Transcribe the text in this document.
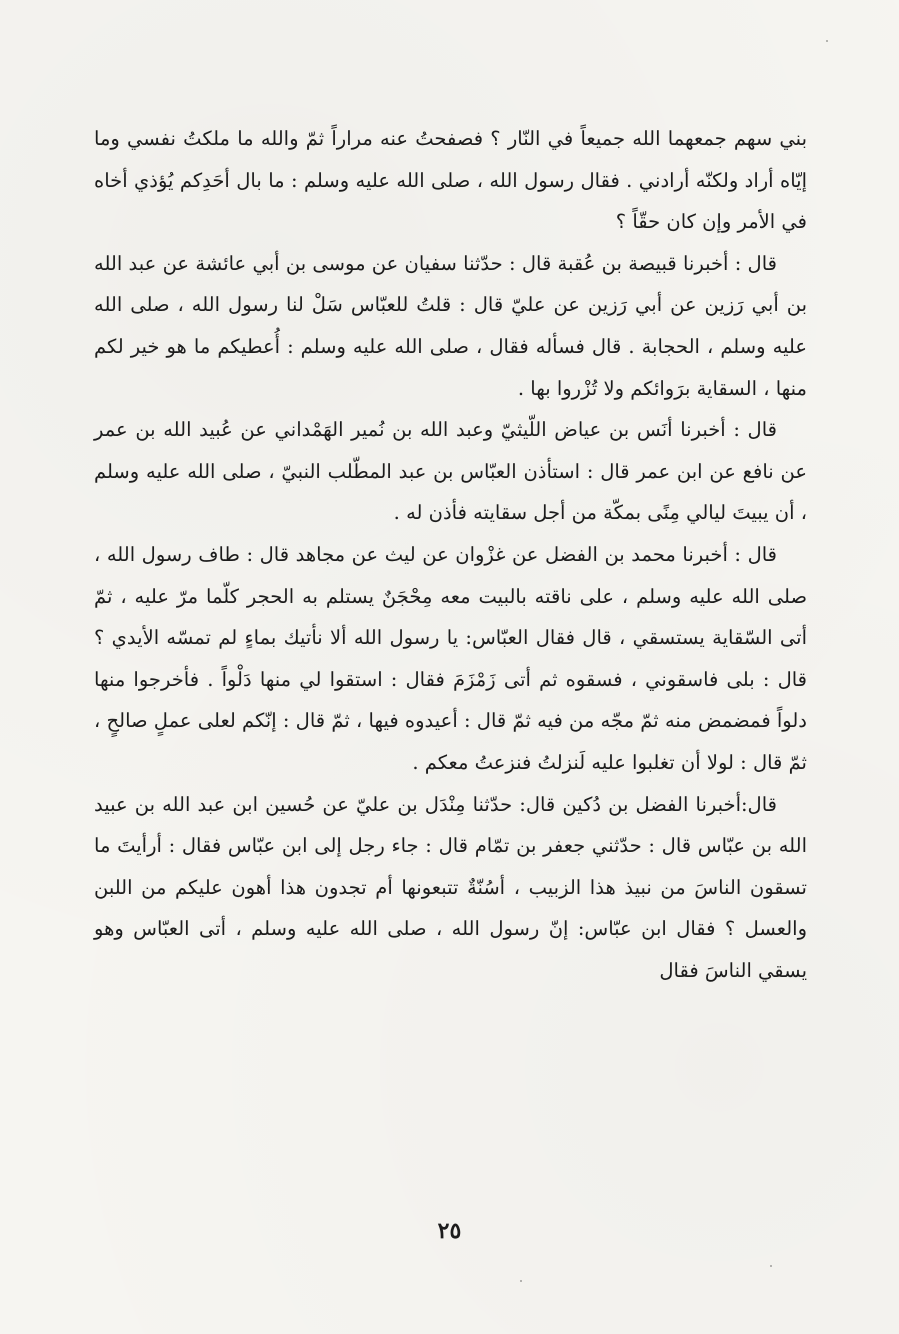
بني سهم جمعهما الله جميعاً في النّار ؟ فصفحتُ عنه مراراً ثمّ والله ما ملكتُ نفسي وما إيّاه أراد ولكنّه أرادني . فقال رسول الله ، صلى الله عليه وسلم : ما بال أحَدِكم يُؤذي أخاه في الأمر وإن كان حقّاً ؟

قال : أخبرنا قبيصة بن عُقبة قال : حدّثنا سفيان عن موسى بن أبي عائشة عن عبد الله بن أبي رَزين عن أبي رَزين عن عليّ قال : قلتُ للعبّاس سَلْ لنا رسول الله ، صلى الله عليه وسلم ، الحجابة . قال فسأله فقال ، صلى الله عليه وسلم : أُعطيكم ما هو خير لكم منها ، السقاية برَوائكم ولا تُزْروا بها .

قال : أخبرنا أنَس بن عياض اللّيثيّ وعبد الله بن نُمير الهَمْداني عن عُبيد الله بن عمر عن نافع عن ابن عمر قال : استأذن العبّاس بن عبد المطّلب النبيّ ، صلى الله عليه وسلم ، أن يبيتَ ليالي مِنًى بمكّة من أجل سقايته فأذن له .

قال : أخبرنا محمد بن الفضل عن غزْوان عن ليث عن مجاهد قال : طاف رسول الله ، صلى الله عليه وسلم ، على ناقته بالبيت معه مِحْجَنٌ يستلم به الحجر كلّما مرّ عليه ، ثمّ أتى السّقاية يستسقي ، قال فقال العبّاس: يا رسول الله ألا نأتيك بماءٍ لم تمسّه الأيدي ؟ قال : بلى فاسقوني ، فسقوه ثم أتى زَمْزَمَ فقال : استقوا لي منها دَلْواً . فأخرجوا منها دلواً فمضمض منه ثمّ مجّه من فيه ثمّ قال : أعيدوه فيها ، ثمّ قال : إنّكم لعلى عملٍ صالحٍ ، ثمّ قال : لولا أن تغلبوا عليه لَنزلتُ فنزعتُ معكم .

قال:أخبرنا الفضل بن دُكين قال: حدّثنا مِنْدَل بن عليّ عن حُسين ابن عبد الله بن عبيد الله بن عبّاس قال : حدّثني جعفر بن تمّام قال : جاء رجل إلى ابن عبّاس فقال : أرأيتَ ما تسقون الناسَ من نبيذ هذا الزبيب ، أسُنّةٌ تتبعونها أم تجدون هذا أهون عليكم من اللبن والعسل ؟ فقال ابن عبّاس: إنّ رسول الله ، صلى الله عليه وسلم ، أتى العبّاس وهو يسقي الناسَ فقال

٢٥
